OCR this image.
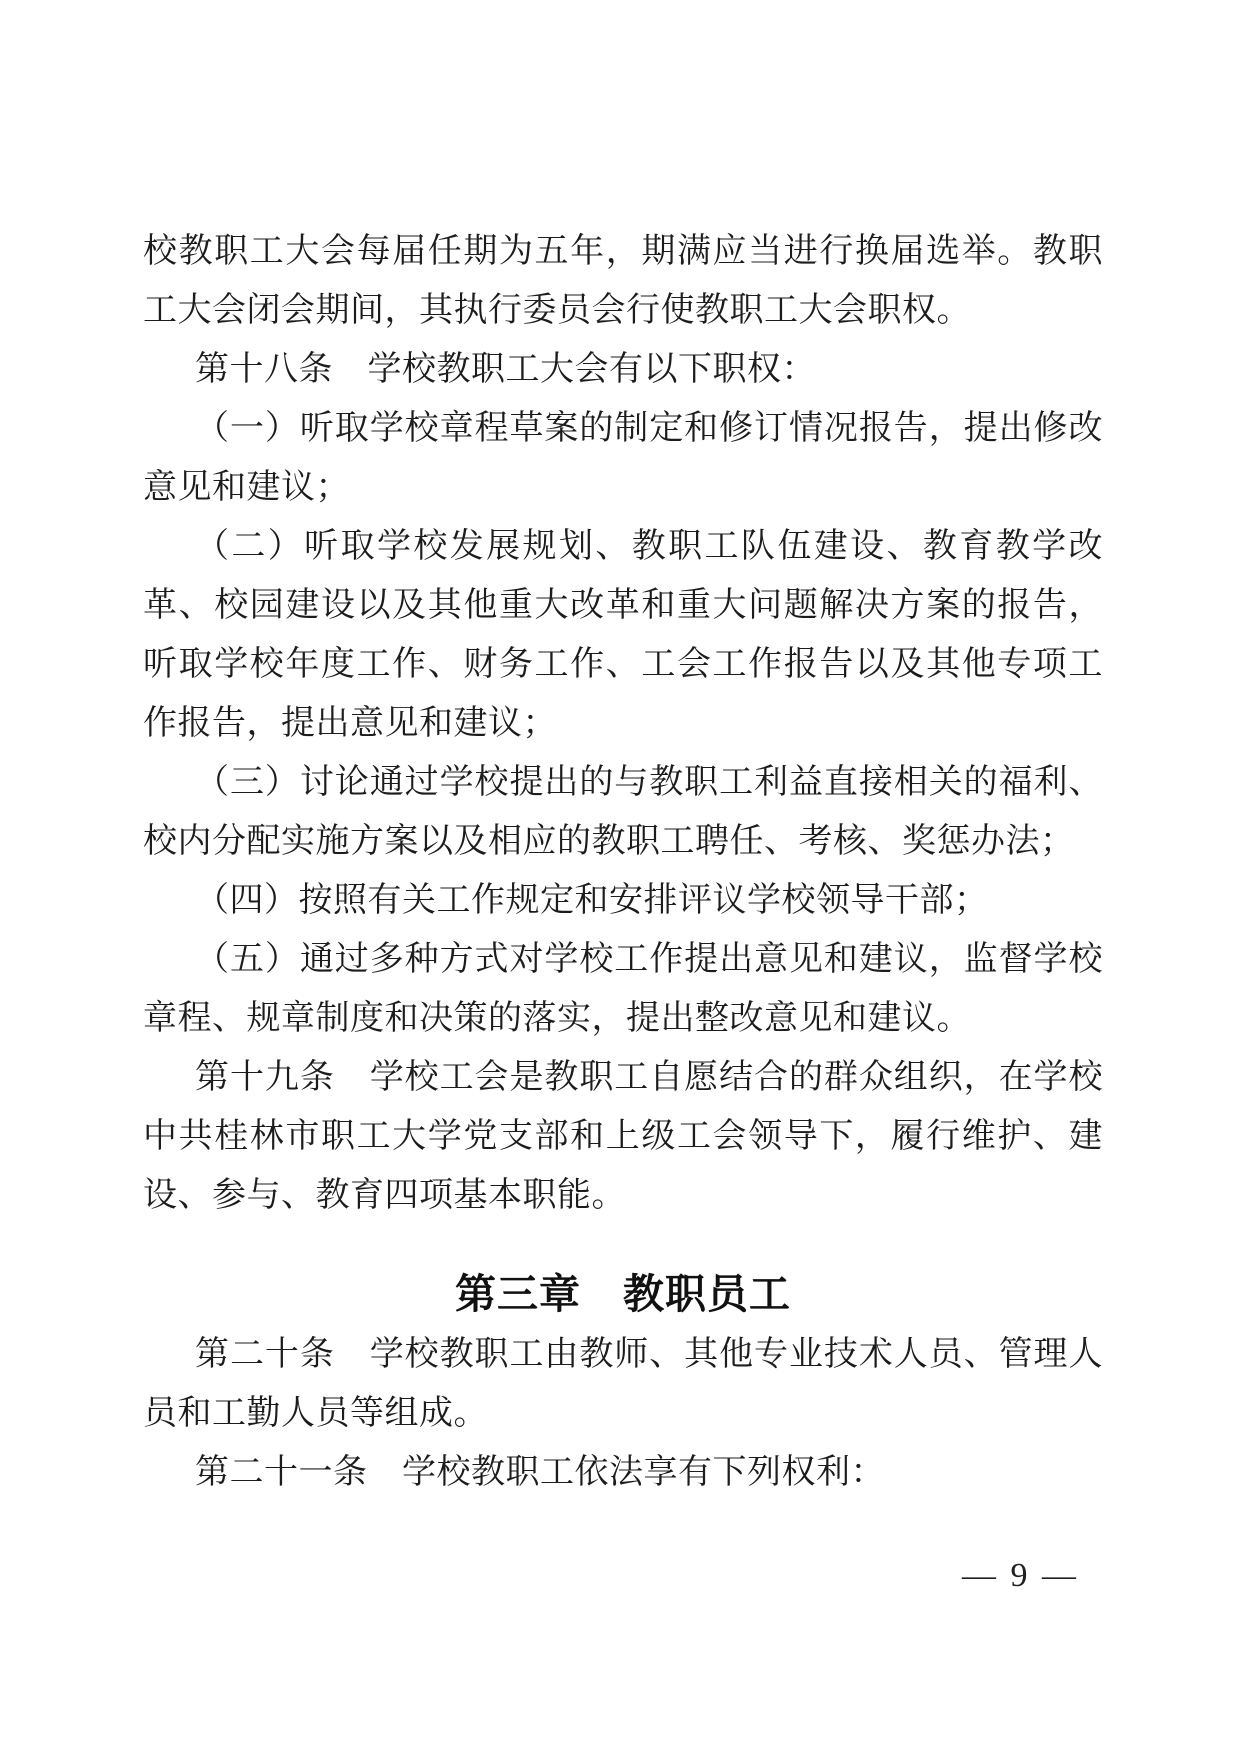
校教职工大会每届任期为五年，期满应当进行换届选举。教职工大会闭会期间，其执行委员会行使教职工大会职权。

第十八条　学校教职工大会有以下职权：

（一）听取学校章程草案的制定和修订情况报告，提出修改意见和建议；

（二）听取学校发展规划、教职工队伍建设、教育教学改革、校园建设以及其他重大改革和重大问题解决方案的报告，听取学校年度工作、财务工作、工会工作报告以及其他专项工作报告，提出意见和建议；

（三）讨论通过学校提出的与教职工利益直接相关的福利、校内分配实施方案以及相应的教职工聘任、考核、奖惩办法；

（四）按照有关工作规定和安排评议学校领导干部；

（五）通过多种方式对学校工作提出意见和建议，监督学校章程、规章制度和决策的落实，提出整改意见和建议。

第十九条　学校工会是教职工自愿结合的群众组织，在学校中共桂林市职工大学党支部和上级工会领导下，履行维护、建设、参与、教育四项基本职能。

第三章　教职员工

第二十条　学校教职工由教师、其他专业技术人员、管理人员和工勤人员等组成。

第二十一条　学校教职工依法享有下列权利：

— 9 —
